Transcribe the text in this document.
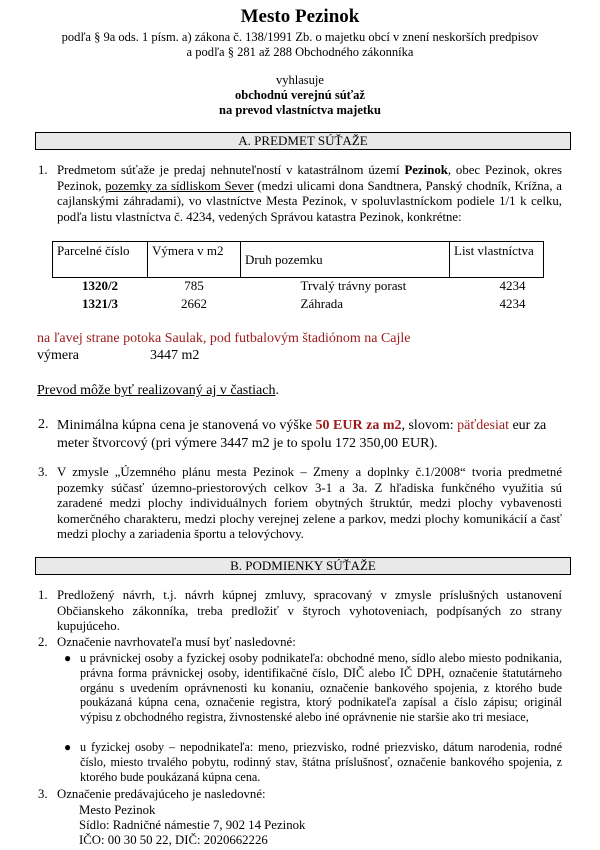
Mesto Pezinok
podľa § 9a ods. 1 písm. a) zákona č. 138/1991 Zb. o majetku obcí v znení neskorších predpisov
a podľa § 281 až 288 Obchodného zákonníka
vyhlasuje
obchodnú verejnú súťaž
na prevod vlastníctva majetku
A. PREDMET SÚŤAŽE
1. Predmetom súťaže je predaj nehnuteľností v katastrálnom území Pezinok, obec Pezinok, okres Pezinok, pozemky za sídliskom Sever (medzi ulicami dona Sandtnera, Panský chodník, Krížna, a cajlanskými záhradami), vo vlastníctve Mesta Pezinok, v spoluvlastníckom podiele 1/1 k celku, podľa listu vlastníctva č. 4234, vedených Správou katastra Pezinok, konkrétne:
Parcelné číslo	Výmera v m2	Druh pozemku	List vlastníctva
1320/2	785	Trvalý trávny porast	4234
1321/3	2662	Záhrada	4234
na ľavej strane potoka Saulak, pod futbalovým štadiónom na Cajle
výmera	3447 m2
Prevod môže byť realizovaný aj v častiach.
2. Minimálna kúpna cena je stanovená vo výške 50 EUR za m2, slovom: päťdesiat eur za meter štvorcový (pri výmere 3447 m2 je to spolu 172 350,00 EUR).
3. V zmysle „Územného plánu mesta Pezinok – Zmeny a doplnky č.1/2008“ tvoria predmetné pozemky súčasť územno-priestorových celkov 3-1 a 3a. Z hľadiska funkčného využitia sú zaradené medzi plochy individuálnych foriem obytných štruktúr, medzi plochy vybavenosti komerčného charakteru, medzi plochy verejnej zelene a parkov, medzi plochy komunikácií a časť medzi plochy a zariadenia športu a telovýchovy.
B. PODMIENKY SÚŤAŽE
1. Predložený návrh, t.j. návrh kúpnej zmluvy, spracovaný v zmysle príslušných ustanovení Občianskeho zákonníka, treba predložiť v štyroch vyhotoveniach, podpísaných zo strany kupujúceho.
2. Označenie navrhovateľa musí byť nasledovné:
● u právnickej osoby a fyzickej osoby podnikateľa: obchodné meno, sídlo alebo miesto podnikania, právna forma právnickej osoby, identifikačné číslo, DIČ alebo IČ DPH, označenie štatutárneho orgánu s uvedením oprávnenosti ku konaniu, označenie bankového spojenia, z ktorého bude poukázaná kúpna cena, označenie registra, ktorý podnikateľa zapísal a číslo zápisu; originál výpisu z obchodného registra, živnostenské alebo iné oprávnenie nie staršie ako tri mesiace,
● u fyzickej osoby – nepodnikateľa: meno, priezvisko, rodné priezvisko, dátum narodenia, rodné číslo, miesto trvalého pobytu, rodinný stav, štátna príslušnosť, označenie bankového spojenia, z ktorého bude poukázaná kúpna cena.
3. Označenie predávajúceho je nasledovné:
Mesto Pezinok
Sídlo: Radničné námestie 7, 902 14 Pezinok
IČO: 00 30 50 22, DIČ: 2020662226
